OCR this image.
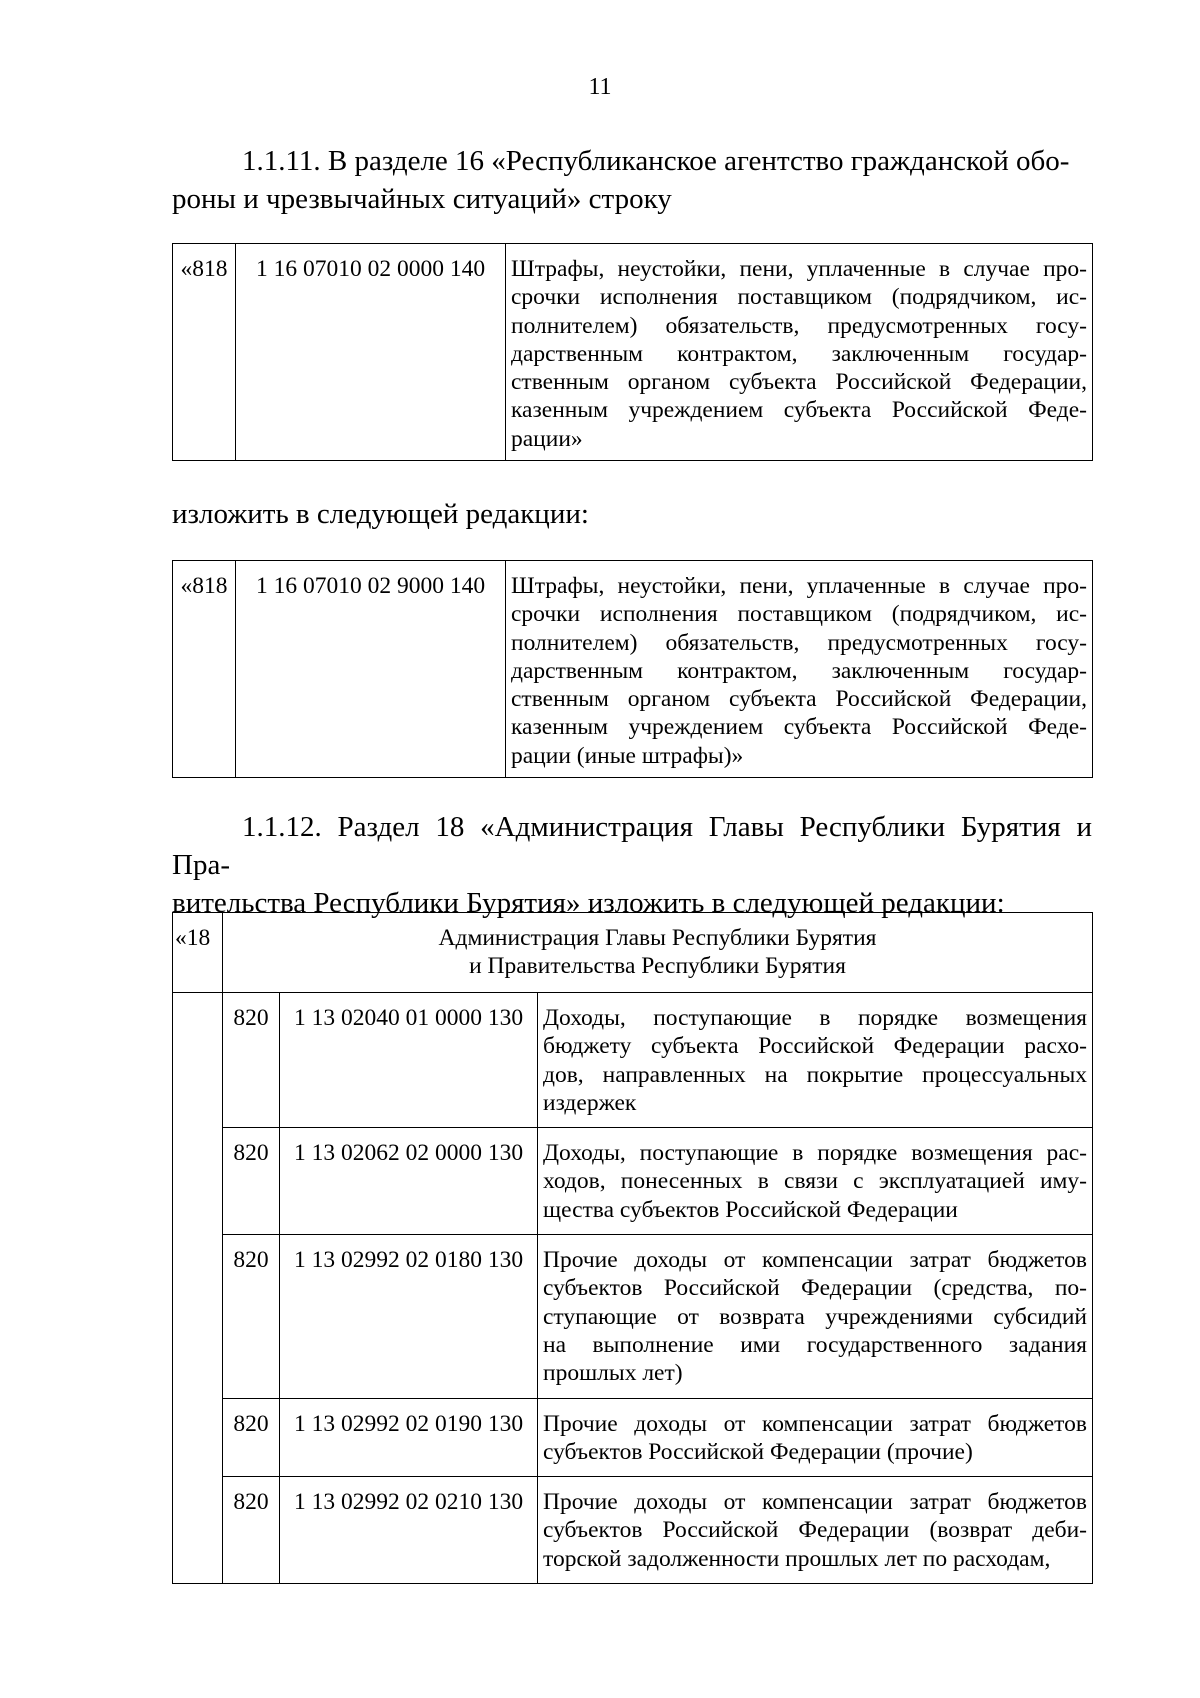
11

1.1.11. В разделе 16 «Республиканское агентство гражданской обо-
роны и чрезвычайных ситуаций» строку

«818	1 16 07010 02 0000 140	Штрафы, неустойки, пени, уплаченные в случае про-
срочки исполнения поставщиком (подрядчиком, ис-
полнителем) обязательств, предусмотренных госу-
дарственным контрактом, заключенным государ-
ственным органом субъекта Российской Федерации,
казенным учреждением субъекта Российской Феде-
рации»

изложить в следующей редакции:

«818	1 16 07010 02 9000 140	Штрафы, неустойки, пени, уплаченные в случае про-
срочки исполнения поставщиком (подрядчиком, ис-
полнителем) обязательств, предусмотренных госу-
дарственным контрактом, заключенным государ-
ственным органом субъекта Российской Федерации,
казенным учреждением субъекта Российской Феде-
рации (иные штрафы)»

1.1.12. Раздел 18 «Администрация Главы Республики Бурятия и Пра-
вительства Республики Бурятия» изложить в следующей редакции:

«18	Администрация Главы Республики Бурятия
и Правительства Республики Бурятия		

	820	1 13 02040 01 0000 130	Доходы, поступающие в порядке возмещения
бюджету субъекта Российской Федерации расхо-
дов, направленных на покрытие процессуальных
издержек

	820	1 13 02062 02 0000 130	Доходы, поступающие в порядке возмещения рас-
ходов, понесенных в связи с эксплуатацией иму-
щества субъектов Российской Федерации

	820	1 13 02992 02 0180 130	Прочие доходы от компенсации затрат бюджетов
субъектов Российской Федерации (средства, по-
ступающие от возврата учреждениями субсидий
на выполнение ими государственного задания
прошлых лет)

	820	1 13 02992 02 0190 130	Прочие доходы от компенсации затрат бюджетов
субъектов Российской Федерации (прочие)

	820	1 13 02992 02 0210 130	Прочие доходы от компенсации затрат бюджетов
субъектов Российской Федерации (возврат деби-
торской задолженности прошлых лет по расходам,
